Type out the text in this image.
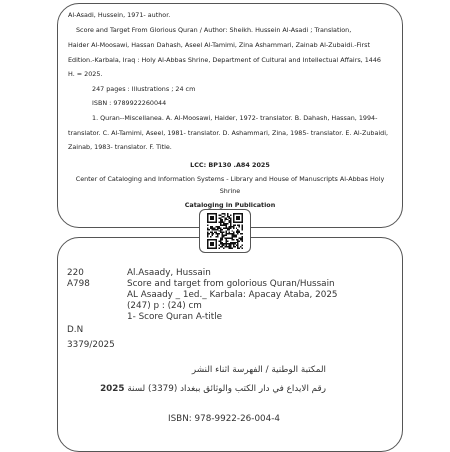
Al-Asadi, Hussein, 1971- author.
Score and Target From Glorious Quran / Author: Sheikh. Hussein Al-Asadi ; Translation,
Haider Al-Moosawi, Hassan Dahash, Aseel Al-Tamimi, Zina Ashammari, Zainab Al-Zubaidi.-First
Edition.-Karbala, Iraq : Holy Al-Abbas Shrine, Department of Cultural and Intellectual Affairs, 1446
H. = 2025.
247 pages : Illustrations ; 24 cm
ISBN : 9789922260044
1. Quran--Miscellanea. A. Al-Moosawi, Haider, 1972- translator. B. Dahash, Hassan, 1994-
translator. C. Al-Tamimi, Aseel, 1981- translator. D. Ashammari, Zina, 1985- translator. E. Al-Zubaidi,
Zainab, 1983- translator. F. Title.
LCC: BP130 .A84 2025
Center of Cataloging and Information Systems - Library and House of Manuscripts Al-Abbas Holy
Shrine
Cataloging in Publication
220
A798
Al.Asaady, Hussain
Score and target from golorious Quran/Hussain
AL Asaady _ 1ed._ Karbala: Apacay Ataba, 2025
(247) p : (24) cm
1- Score Quran A-title
D.N
3379/2025
المكتبة الوطنية / الفهرسة اثناء النشر
رقم الايداع في دار الكتب والوثائق ببغداد (3379) لسنة 2025
ISBN: 978-9922-26-004-4
